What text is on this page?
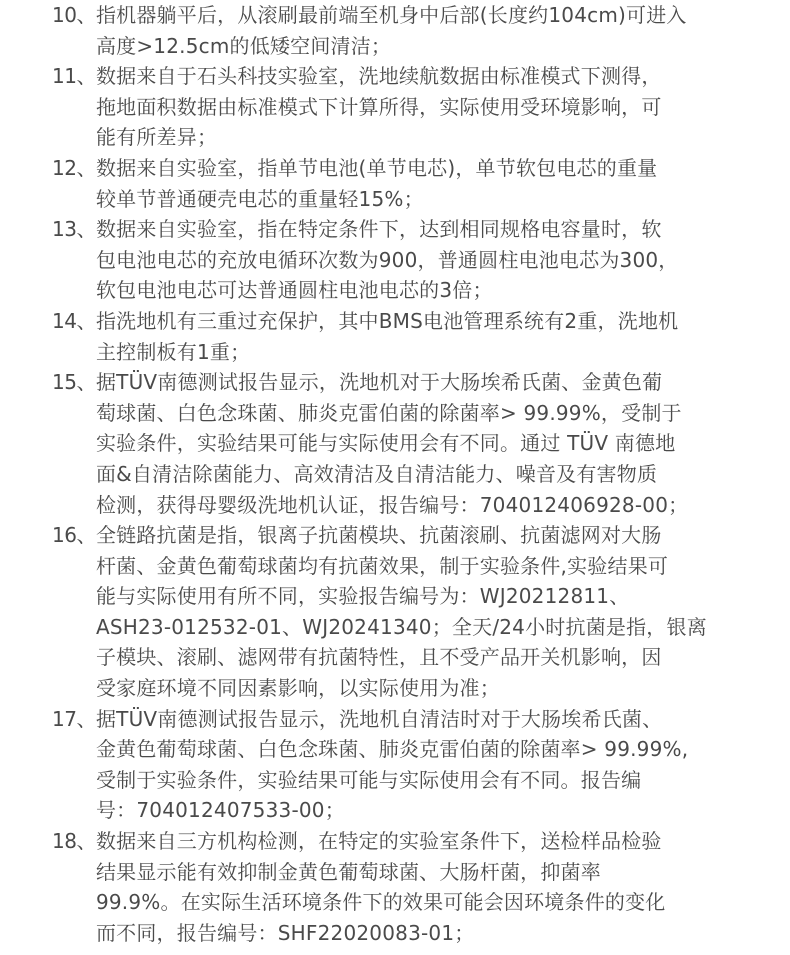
10、 指机器躺平后，从滚刷最前端至机身中后部(长度约104cm)可进入
高度>12.5cm的低矮空间清洁；
11、 数据来自于石头科技实验室，洗地续航数据由标准模式下测得，
拖地面积数据由标准模式下计算所得，实际使用受环境影响，可
能有所差异；
12、 数据来自实验室，指单节电池(单节电芯)，单节软包电芯的重量
较单节普通硬壳电芯的重量轻15%；
13、 数据来自实验室，指在特定条件下，达到相同规格电容量时，软
包电池电芯的充放电循环次数为900，普通圆柱电池电芯为300，
软包电池电芯可达普通圆柱电池电芯的3倍；
14、 指洗地机有三重过充保护，其中BMS电池管理系统有2重，洗地机
主控制板有1重；
15、 据TÜV南德测试报告显示，洗地机对于大肠埃希氏菌、金黄色葡
萄球菌、白色念珠菌、肺炎克雷伯菌的除菌率> 99.99%，受制于
实验条件，实验结果可能与实际使用会有不同。通过 TÜV 南德地
面&自清洁除菌能力、高效清洁及自清洁能力、噪音及有害物质
检测，获得母婴级洗地机认证，报告编号：704012406928-00；
16、 全链路抗菌是指，银离子抗菌模块、抗菌滚刷、抗菌滤网对大肠
杆菌、金黄色葡萄球菌均有抗菌效果，制于实验条件,实验结果可
能与实际使用有所不同，实验报告编号为：WJ20212811、
ASH23-012532-01、WJ20241340；全天/24小时抗菌是指，银离
子模块、滚刷、滤网带有抗菌特性，且不受产品开关机影响，因
受家庭环境不同因素影响，以实际使用为准；
17、 据TÜV南德测试报告显示，洗地机自清洁时对于大肠埃希氏菌、
金黄色葡萄球菌、白色念珠菌、肺炎克雷伯菌的除菌率> 99.99%,
受制于实验条件，实验结果可能与实际使用会有不同。报告编
号：704012407533-00；
18、 数据来自三方机构检测，在特定的实验室条件下，送检样品检验
结果显示能有效抑制金黄色葡萄球菌、大肠杆菌，抑菌率
99.9%。在实际生活环境条件下的效果可能会因环境条件的变化
而不同，报告编号：SHF22020083-01；
